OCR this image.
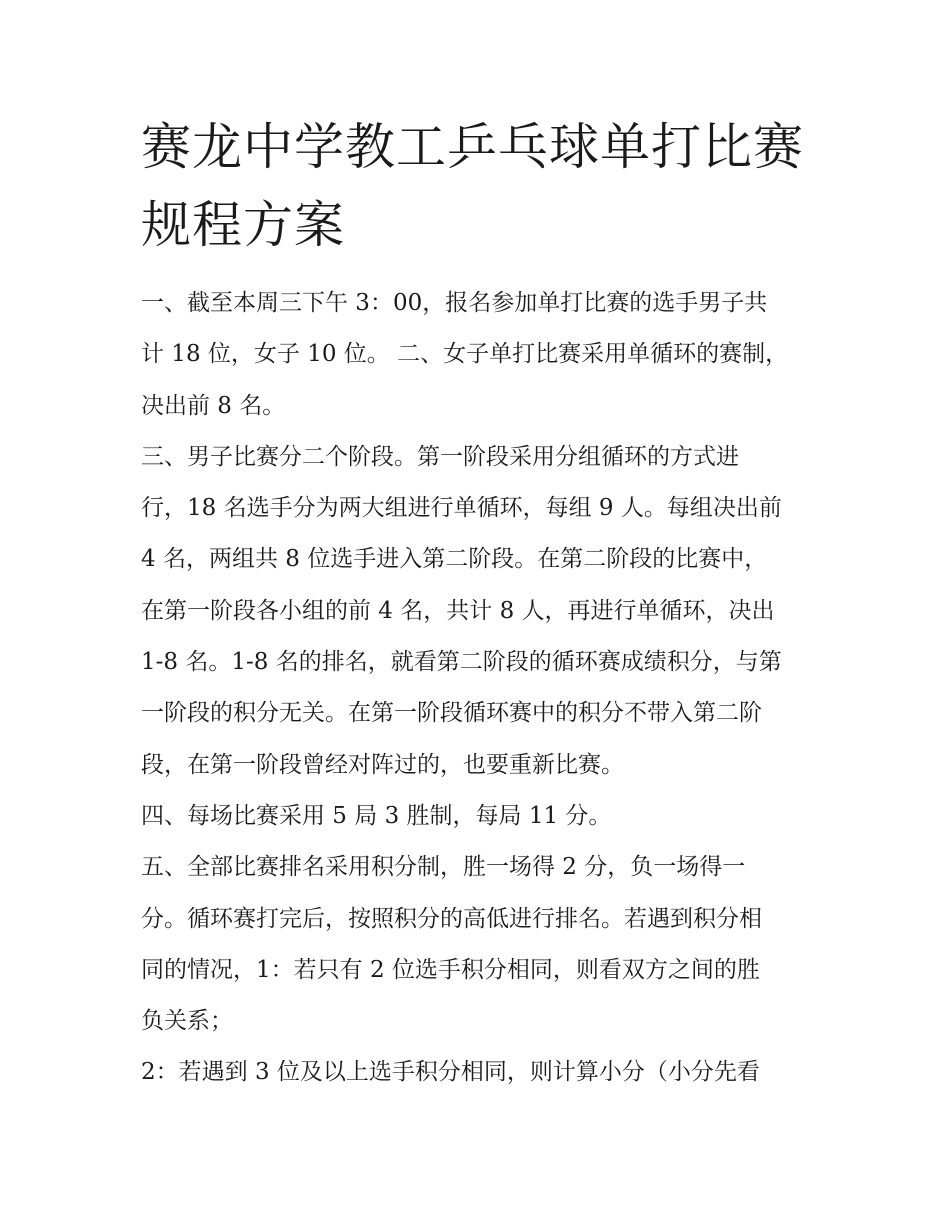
赛龙中学教工乒乓球单打比赛
规程方案

一、截至本周三下午 3：00，报名参加单打比赛的选手男子共
计 18 位，女子 10 位。 二、女子单打比赛采用单循环的赛制，
决出前 8 名。

三、男子比赛分二个阶段。第一阶段采用分组循环的方式进
行，18 名选手分为两大组进行单循环，每组 9 人。每组决出前
4 名，两组共 8 位选手进入第二阶段。在第二阶段的比赛中，
在第一阶段各小组的前 4 名，共计 8 人，再进行单循环，决出
1-8 名。1-8 名的排名，就看第二阶段的循环赛成绩积分，与第
一阶段的积分无关。在第一阶段循环赛中的积分不带入第二阶
段，在第一阶段曾经对阵过的，也要重新比赛。

四、每场比赛采用 5 局 3 胜制，每局 11 分。

五、全部比赛排名采用积分制，胜一场得 2 分，负一场得一
分。循环赛打完后，按照积分的高低进行排名。若遇到积分相
同的情况，1：若只有 2 位选手积分相同，则看双方之间的胜
负关系；

2：若遇到 3 位及以上选手积分相同，则计算小分（小分先看
